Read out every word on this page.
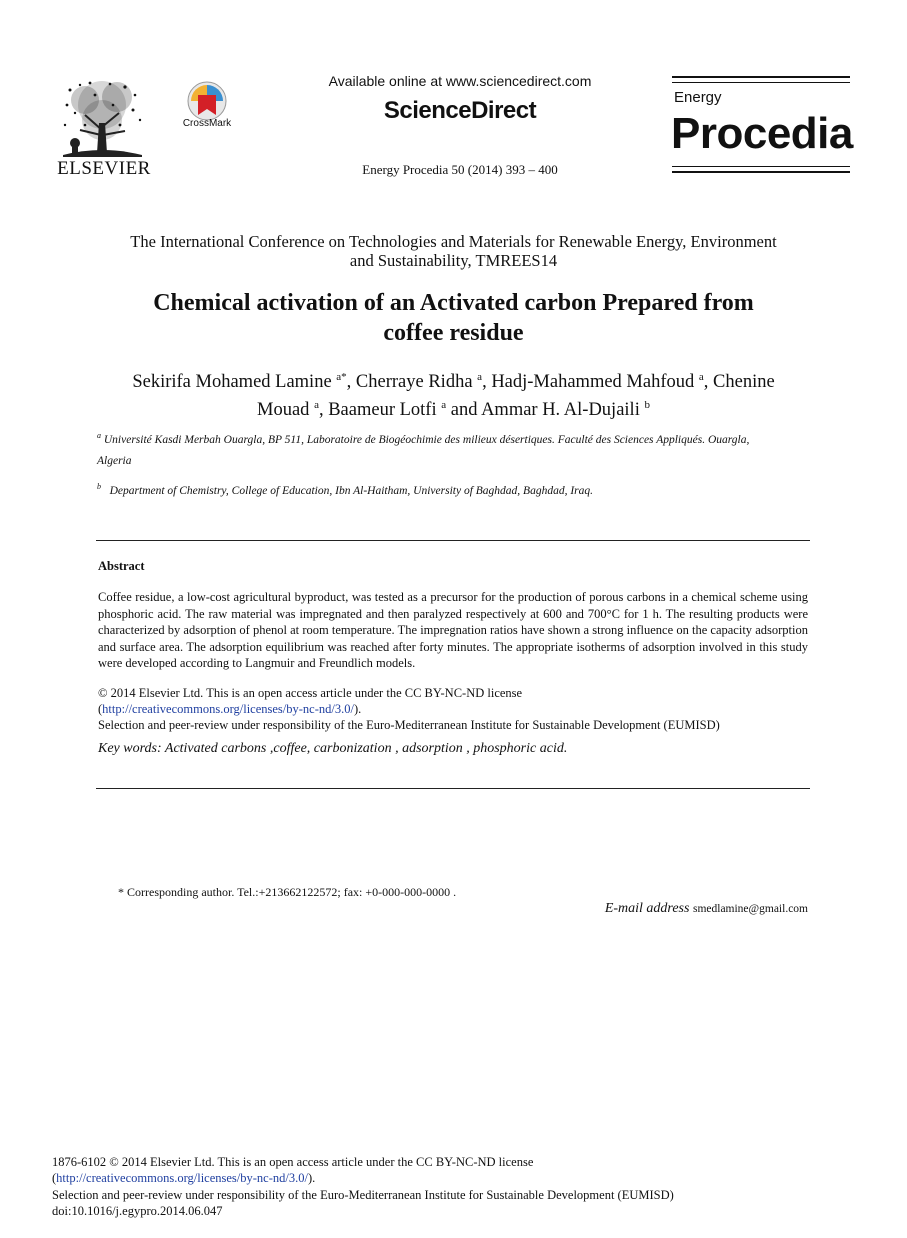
ELSEVIER
CrossMark
Available online at www.sciencedirect.com
ScienceDirect
Energy Procedia 50 (2014) 393 – 400
Energy
Procedia
The International Conference on Technologies and Materials for Renewable Energy, Environment
and Sustainability, TMREES14
Chemical activation of an Activated carbon Prepared from
coffee residue
Sekirifa Mohamed Lamine $^{a*}$, Cherraye Ridha $^a$, Hadj-Mahammed Mahfoud $^a$, Chenine
Mouad $^a$, Baameur Lotfi $^a$ and Ammar H. Al-Dujaili $^b$
$^a$ Université Kasdi Merbah Ouargla, BP 511, Laboratoire de Biogéochimie des milieux désertiques. Faculté des Sciences Appliqués. Ouargla,
Algeria
$^b$ Department of Chemistry, College of Education, Ibn Al-Haitham, University of Baghdad, Baghdad, Iraq.
Abstract
Coffee residue, a low-cost agricultural byproduct, was tested as a precursor for the production of porous carbons in a chemical scheme using phosphoric acid. The raw material was impregnated and then paralyzed respectively at 600 and 700°C for 1 h. The resulting products were characterized by adsorption of phenol at room temperature. The impregnation ratios have shown a strong influence on the capacity adsorption and surface area. The adsorption equilibrium was reached after forty minutes. The appropriate isotherms of adsorption involved in this study were developed according to Langmuir and Freundlich models.
© 2014 Elsevier Ltd. This is an open access article under the CC BY-NC-ND license
(http://creativecommons.org/licenses/by-nc-nd/3.0/).
Selection and peer-review under responsibility of the Euro-Mediterranean Institute for Sustainable Development (EUMISD)
Key words: Activated carbons ,coffee, carbonization , adsorption , phosphoric acid.
* Corresponding author. Tel.:+213662122572; fax: +0-000-000-0000 .
E-mail address smedlamine@gmail.com
1876-6102 © 2014 Elsevier Ltd. This is an open access article under the CC BY-NC-ND license
(http://creativecommons.org/licenses/by-nc-nd/3.0/).
Selection and peer-review under responsibility of the Euro-Mediterranean Institute for Sustainable Development (EUMISD)
doi:10.1016/j.egypro.2014.06.047
